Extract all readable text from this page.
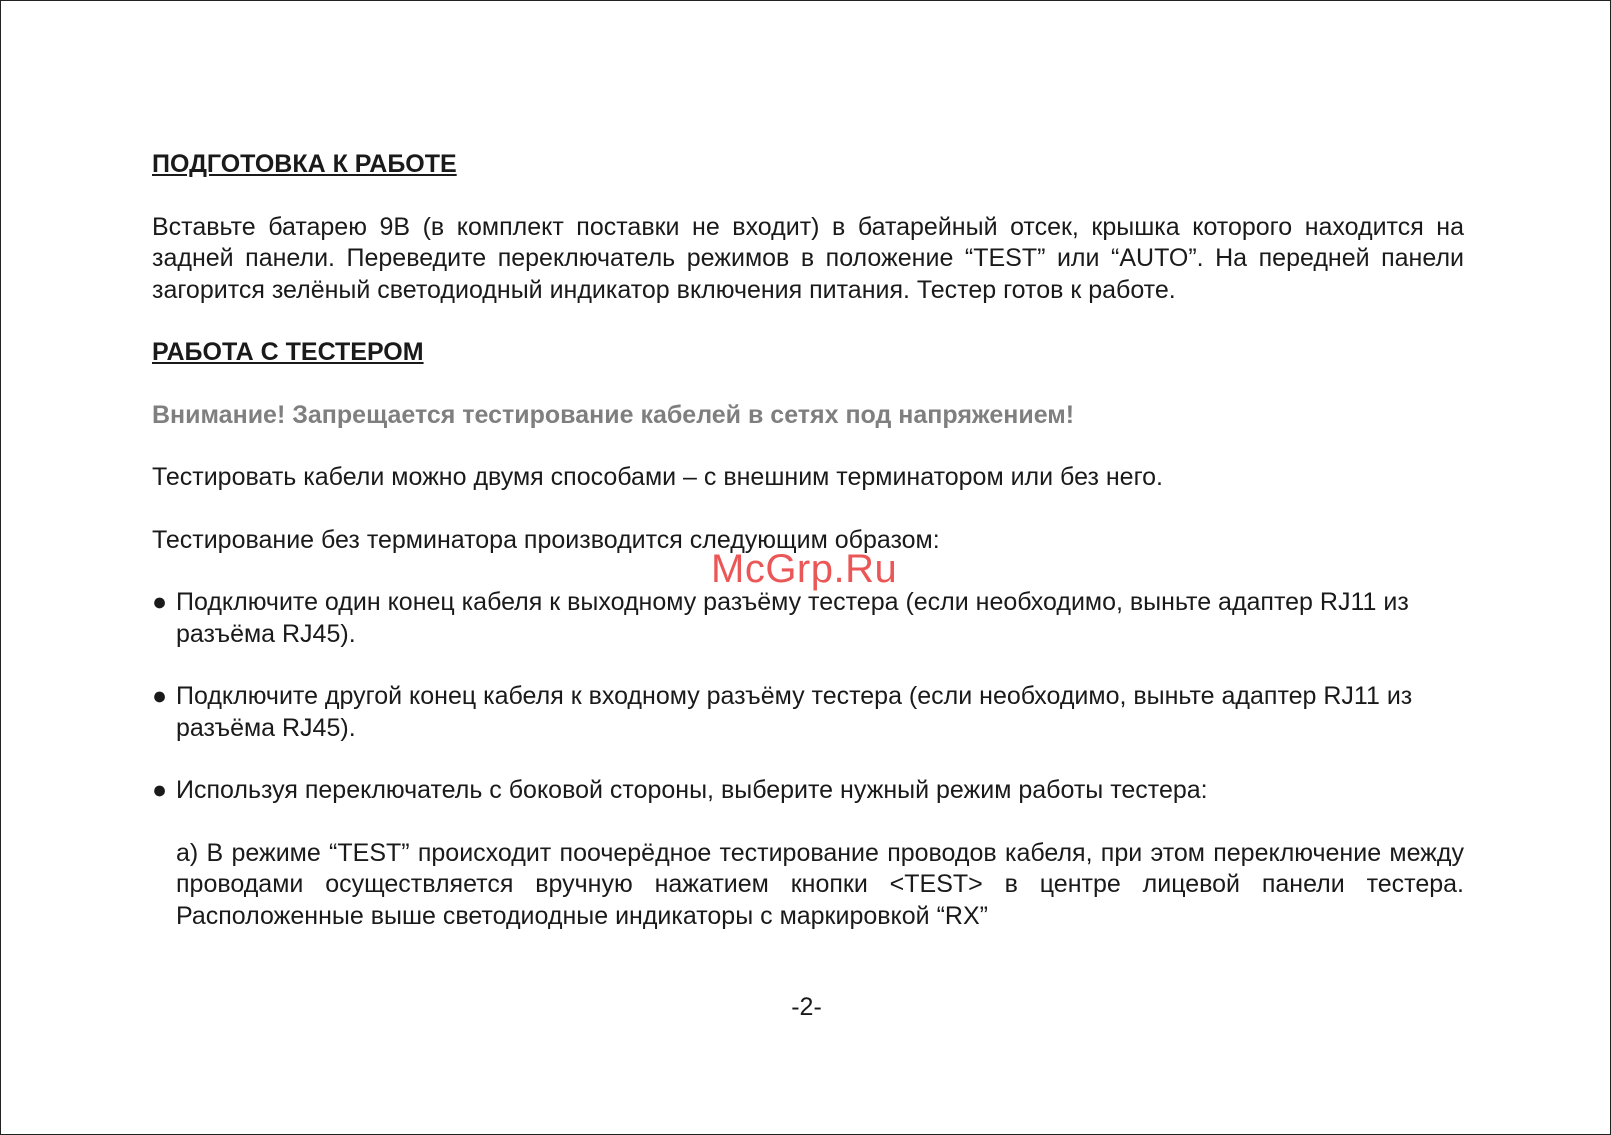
ПОДГОТОВКА К РАБОТЕ
Вставьте батарею 9В (в комплект поставки не входит) в батарейный отсек, крышка которого находится на задней панели. Переведите переключатель режимов в положение “TEST” или “AUTO”. На передней панели загорится зелёный светодиодный индикатор включения питания. Тестер готов к работе.
РАБОТА С ТЕСТЕРОМ
Внимание! Запрещается тестирование кабелей в сетях под напряжением!
Тестировать кабели можно двумя способами – с внешним терминатором или без него.
Тестирование без терминатора производится следующим образом:
● Подключите один конец кабеля к выходному разъёму тестера (если необходимо, выньте адаптер RJ11 из разъёма RJ45).
● Подключите другой конец кабеля к входному разъёму тестера (если необходимо, выньте адаптер RJ11 из разъёма RJ45).
● Используя переключатель с боковой стороны, выберите нужный режим работы тестера:
а) В режиме “TEST” происходит поочерёдное тестирование проводов кабеля, при этом переключение между проводами осуществляется вручную нажатием кнопки <TEST> в центре лицевой панели тестера. Расположенные выше светодиодные индикаторы с маркировкой “RX”
McGrp.Ru
-2-
